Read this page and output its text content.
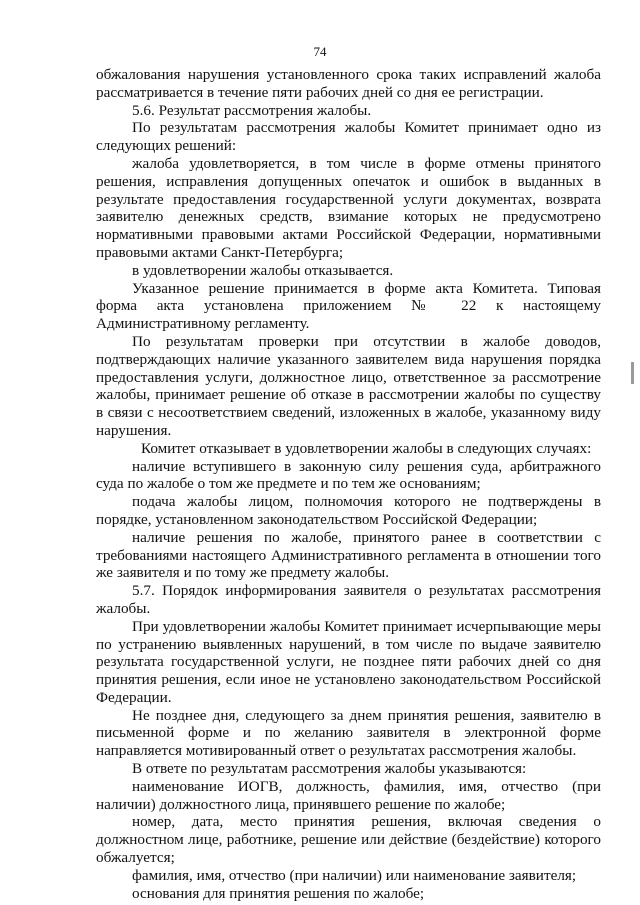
74

обжалования нарушения установленного срока таких исправлений жалоба рассматривается в течение пяти рабочих дней со дня ее регистрации.

5.6. Результат рассмотрения жалобы.

По результатам рассмотрения жалобы Комитет принимает одно из следующих решений:

жалоба удовлетворяется, в том числе в форме отмены принятого решения, исправления допущенных опечаток и ошибок в выданных в результате предоставления государственной услуги документах, возврата заявителю денежных средств, взимание которых не предусмотрено нормативными правовыми актами Российской Федерации, нормативными правовыми актами Санкт-Петербурга;

в удовлетворении жалобы отказывается.

Указанное решение принимается в форме акта Комитета. Типовая форма акта установлена приложением № 22 к настоящему Административному регламенту.

По результатам проверки при отсутствии в жалобе доводов, подтверждающих наличие указанного заявителем вида нарушения порядка предоставления услуги, должностное лицо, ответственное за рассмотрение жалобы, принимает решение об отказе в рассмотрении жалобы по существу в связи с несоответствием сведений, изложенных в жалобе, указанному виду нарушения.

Комитет отказывает в удовлетворении жалобы в следующих случаях:

наличие вступившего в законную силу решения суда, арбитражного суда по жалобе о том же предмете и по тем же основаниям;

подача жалобы лицом, полномочия которого не подтверждены в порядке, установленном законодательством Российской Федерации;

наличие решения по жалобе, принятого ранее в соответствии с требованиями настоящего Административного регламента в отношении того же заявителя и по тому же предмету жалобы.

5.7. Порядок информирования заявителя о результатах рассмотрения жалобы.

При удовлетворении жалобы Комитет принимает исчерпывающие меры по устранению выявленных нарушений, в том числе по выдаче заявителю результата государственной услуги, не позднее пяти рабочих дней со дня принятия решения, если иное не установлено законодательством Российской Федерации.

Не позднее дня, следующего за днем принятия решения, заявителю в письменной форме и по желанию заявителя в электронной форме направляется мотивированный ответ о результатах рассмотрения жалобы.

В ответе по результатам рассмотрения жалобы указываются:

наименование ИОГВ, должность, фамилия, имя, отчество (при наличии) должностного лица, принявшего решение по жалобе;

номер, дата, место принятия решения, включая сведения о должностном лице, работнике, решение или действие (бездействие) которого обжалуется;

фамилия, имя, отчество (при наличии) или наименование заявителя;

основания для принятия решения по жалобе;
